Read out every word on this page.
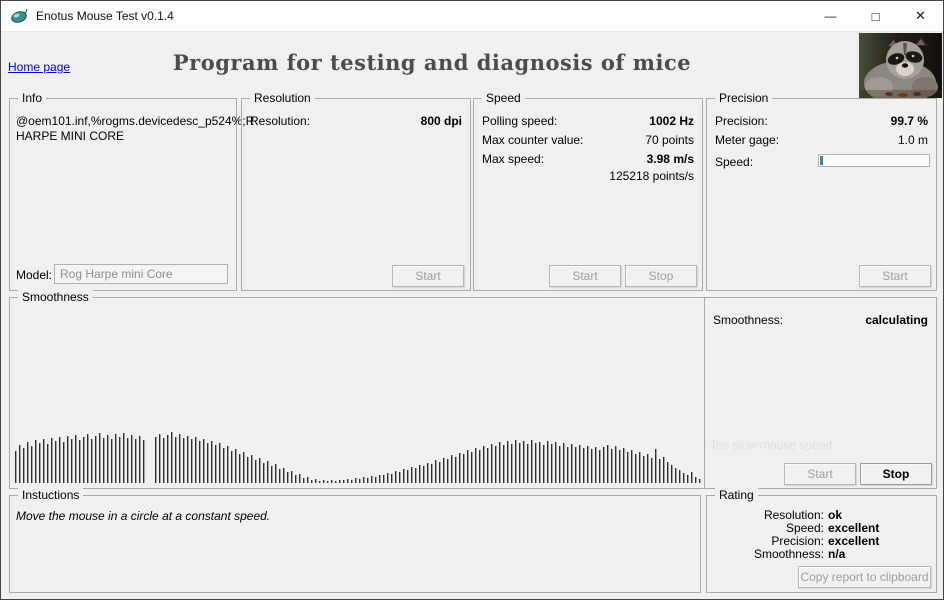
Enotus Mouse Test v0.1.4	—	□	✕
Home page	Program for testing and diagnosis of mice
Info
@oem101.inf,%rogms.devicedesc_p524%;R
HARPE MINI CORE
Model:
Rog Harpe mini Core
Resolution
Resolution:	800 dpi
Start
Speed
Polling speed:	1002 Hz
Max counter value:	70 points
Max speed:	3.98 m/s
125218 points/s
Start	Stop
Precision
Precision:	99.7 %
Meter gage:	1.0 m
Speed:
Start
Smoothness
Smoothness:	calculating
Too slow mouse speed
Start	Stop
Instuctions
Move the mouse in a circle at a constant speed.
Rating
Resolution: ok
Speed: excellent
Precision: excellent
Smoothness: n/a
Copy report to clipboard
